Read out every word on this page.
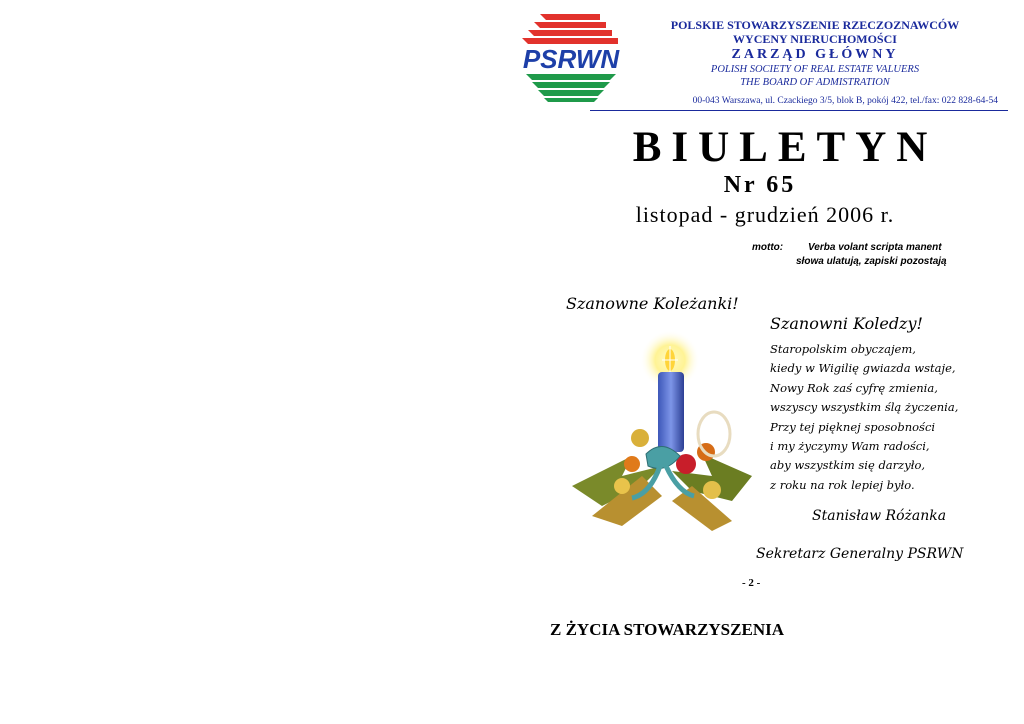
PSRWN
POLSKIE STOWARZYSZENIE RZECZOZNAWCÓW
WYCENY NIERUCHOMOŚCI
ZARZĄD GŁÓWNY
POLISH SOCIETY OF REAL ESTATE VALUERS
THE BOARD OF ADMISTRATION
00-043 Warszawa, ul. Czackiego 3/5, blok B, pokój 422, tel./fax: 022 828-64-54
BIULETYN
Nr 65
listopad - grudzień 2006 r.
motto: Verba volant scripta manent
słowa ulatują, zapiski pozostają
Szanowne Koleżanki!
Szanowni Koledzy!
Staropolskim obyczajem,
kiedy w Wigilię gwiazda wstaje,
Nowy Rok zaś cyfrę zmienia,
wszyscy wszystkim ślą życzenia,
Przy tej pięknej sposobności
i my życzymy Wam radości,
aby wszystkim się darzyło,
z roku na rok lepiej było.
Stanisław Różanka
Sekretarz Generalny PSRWN
- 2 -
Z ŻYCIA STOWARZYSZENIA
